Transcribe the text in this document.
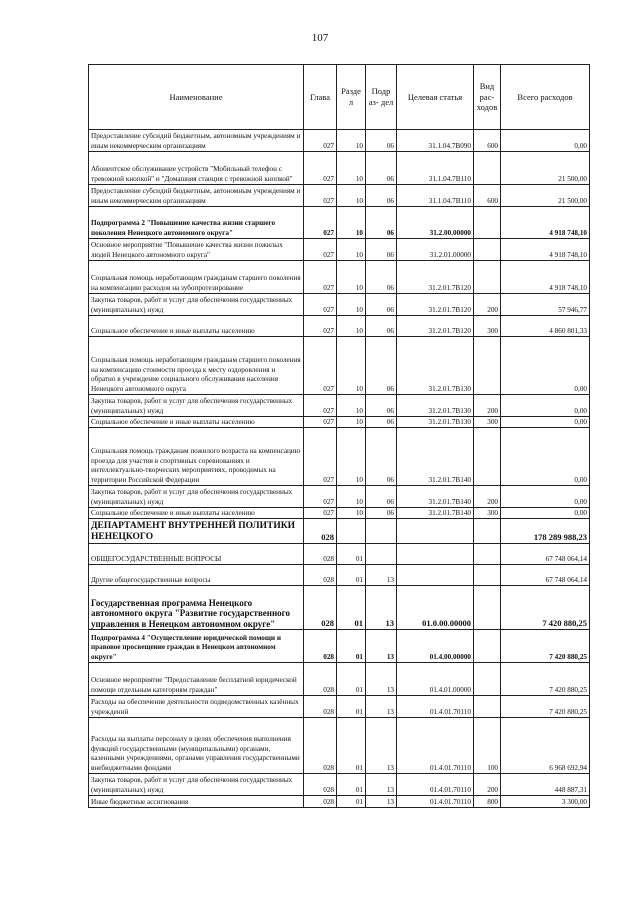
107
Наименование	Глава	Разде л	Подр аз- дел	Целевая статья	Вид рас- ходов	Всего расходов
Предоставление субсидий бюджетным, автономным учреждениям и иным некоммерческим организациям	027	10	06	31.1.04.7В090	600	0,00
Абонентское обслуживание устройств "Мобильный телефон с тревожной кнопкой" и "Домашняя станция с тревожной кнопкой"	027	10	06	31.1.04.7В110		21 500,00
Предоставление субсидий бюджетным, автономным учреждениям и иным некоммерческим организациям	027	10	06	31.1.04.7В110	600	21 500,00
Подпрограмма 2 "Повышение качества жизни старшего поколения Ненецкого автономного округа"	027	10	06	31.2.00.00000		4 918 748,10
Основное мероприятие "Повышение качества жизни пожилых людей Ненецкого автономного округа"	027	10	06	31.2.01.00000		4 918 748,10
Социальная помощь неработающим гражданам старшего поколения на компенсацию расходов на зубопротезирование	027	10	06	31.2.01.7В120		4 918 748,10
Закупка товаров, работ и услуг для обеспечения государственных (муниципальных) нужд	027	10	06	31.2.01.7В120	200	57 946,77
Социальное обеспечение и иные выплаты населению	027	10	06	31.2.01.7В120	300	4 860 801,33
Социальная помощь неработающим гражданам старшего поколения на компенсацию стоимости проезда к месту оздоровления и обратно в учреждение социального обслуживания населения Ненецкого автономного округа	027	10	06	31.2.01.7В130		0,00
Закупка товаров, работ и услуг для обеспечения государственных (муниципальных) нужд	027	10	06	31.2.01.7В130	200	0,00
Социальное обеспечение и иные выплаты населению	027	10	06	31.2.01.7В130	300	0,00
Социальная помощь гражданам пожилого возраста на компенсацию проезда для участия в спортивных соревнованиях и интеллектуально-творческих мероприятиях, проводимых на территории Российской Федерации	027	10	06	31.2.01.7В140		0,00
Закупка товаров, работ и услуг для обеспечения государственных (муниципальных) нужд	027	10	06	31.2.01.7В140	200	0,00
Социальное обеспечение и иные выплаты населению	027	10	06	31.2.01.7В140	300	0,00
ДЕПАРТАМЕНТ ВНУТРЕННЕЙ ПОЛИТИКИ НЕНЕЦКОГО	028					178 289 988,23
ОБЩЕГОСУДАРСТВЕННЫЕ ВОПРОСЫ	028	01				67 748 064,14
Другие общегосударственные вопросы	028	01	13			67 748 064,14
Государственная программа Ненецкого автономного округа "Развитие государственного управления в Ненецком автономном округе"	028	01	13	01.0.00.00000		7 420 880,25
Подпрограмма 4 "Осуществление юридической помощи и правовое просвещение граждан в Ненецком автономном округе"	028	01	13	01.4.00.00000		7 420 880,25
Основное мероприятие "Предоставление бесплатной юридической помощи отдельным категориям граждан"	028	01	13	01.4.01.00000		7 420 880,25
Расходы на обеспечение деятельности подведомственных казённых учреждений	028	01	13	01.4.01.70110		7 420 880,25
Расходы на выплаты персоналу в целях обеспечения выполнения функций государственными (муниципальными) органами, казенными учреждениями, органами управления государственными внебюджетными фондами	028	01	13	01.4.01.70110	100	6 968 692,94
Закупка товаров, работ и услуг для обеспечения государственных (муниципальных) нужд	028	01	13	01.4.01.70110	200	448 887,31
Иные бюджетные ассигнования	028	01	13	01.4.01.70110	800	3 300,00
